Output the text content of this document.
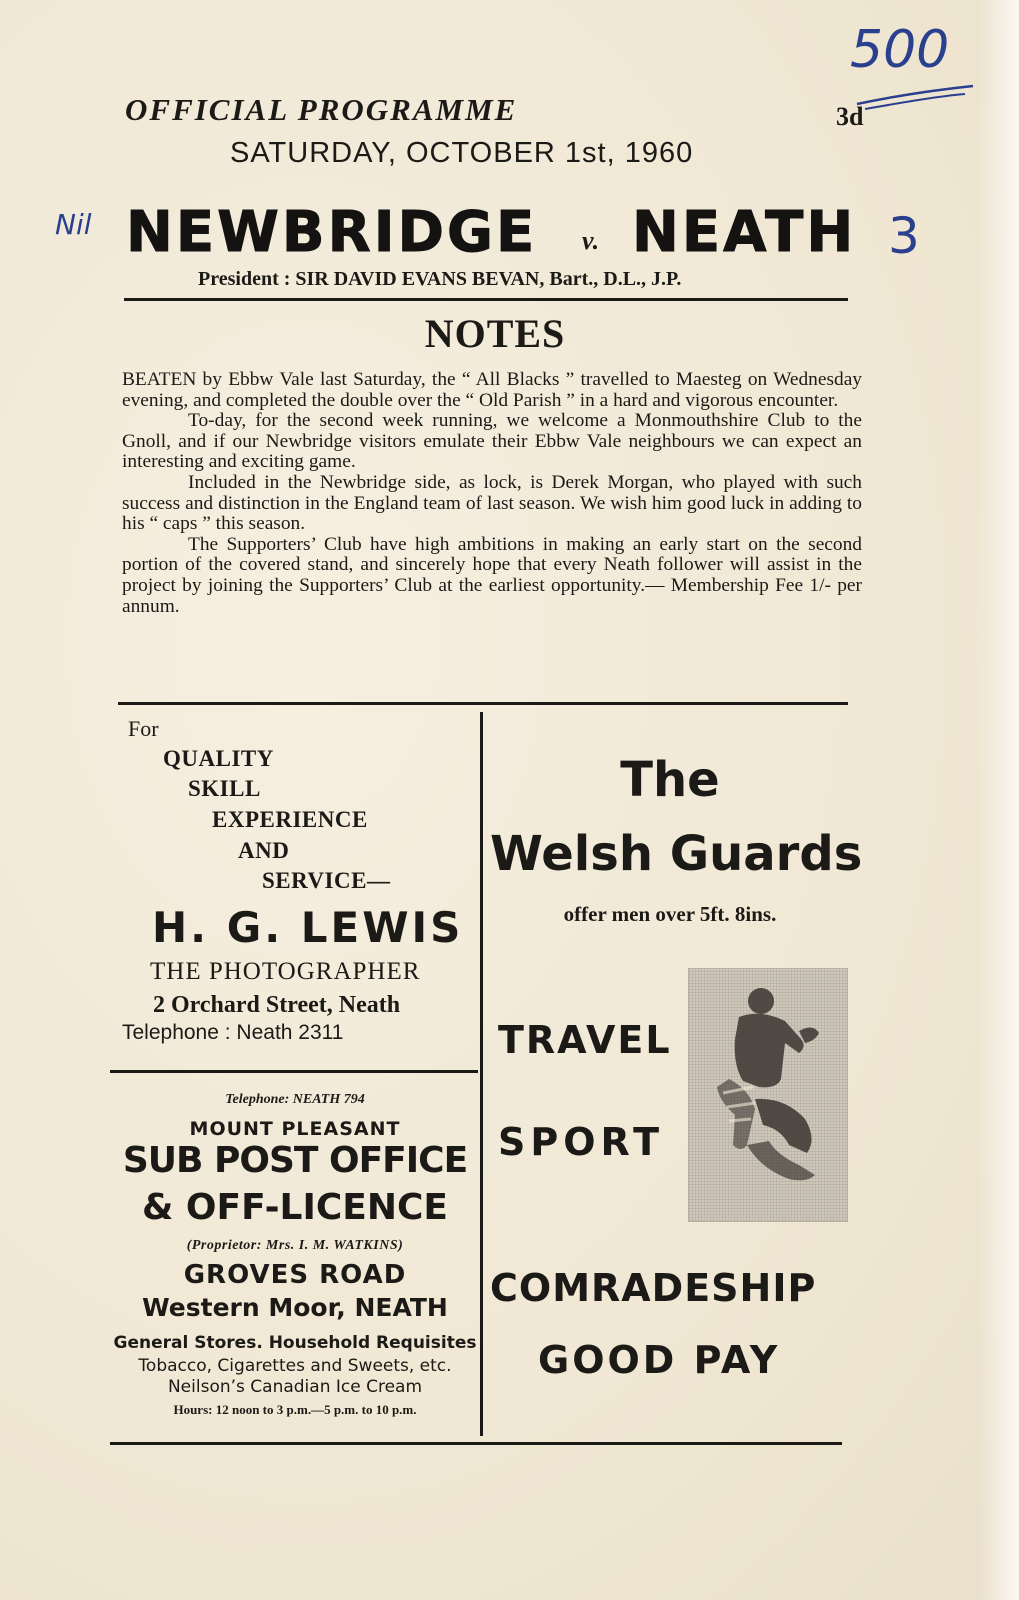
500
Nil	3
OFFICIAL PROGRAMME	3d
SATURDAY, OCTOBER 1st, 1960
NEWBRIDGE v. NEATH
President : SIR DAVID EVANS BEVAN, Bart., D.L., J.P.
NOTES

BEATEN by Ebbw Vale last Saturday, the “ All Blacks ” travelled to Maesteg on Wednesday evening, and completed the double over the “ Old Parish ” in a hard and vigorous encounter.

To-day, for the second week running, we welcome a Monmouthshire Club to the Gnoll, and if our Newbridge visitors emulate their Ebbw Vale neighbours we can expect an interesting and exciting game.

Included in the Newbridge side, as lock, is Derek Morgan, who played with such success and distinction in the England team of last season. We wish him good luck in adding to his “ caps ” this season.

The Supporters’ Club have high ambitions in making an early start on the second portion of the covered stand, and sincerely hope that every Neath follower will assist in the project by joining the Supporters’ Club at the earliest opportunity.— Membership Fee 1/- per annum.

For
QUALITY
SKILL
EXPERIENCE
AND
SERVICE—
H. G. LEWIS
THE PHOTOGRAPHER
2 Orchard Street, Neath
Telephone : Neath 2311
Telephone: NEATH 794
MOUNT PLEASANT
SUB POST OFFICE
& OFF-LICENCE
(Proprietor: Mrs. I. M. WATKINS)
GROVES ROAD
Western Moor, NEATH
General Stores. Household Requisites
Tobacco, Cigarettes and Sweets, etc.
Neilson’s Canadian Ice Cream
Hours: 12 noon to 3 p.m.—5 p.m. to 10 p.m.
The
Welsh Guards
offer men over 5ft. 8ins.
TRAVEL
SPORT
COMRADESHIP
GOOD PAY
